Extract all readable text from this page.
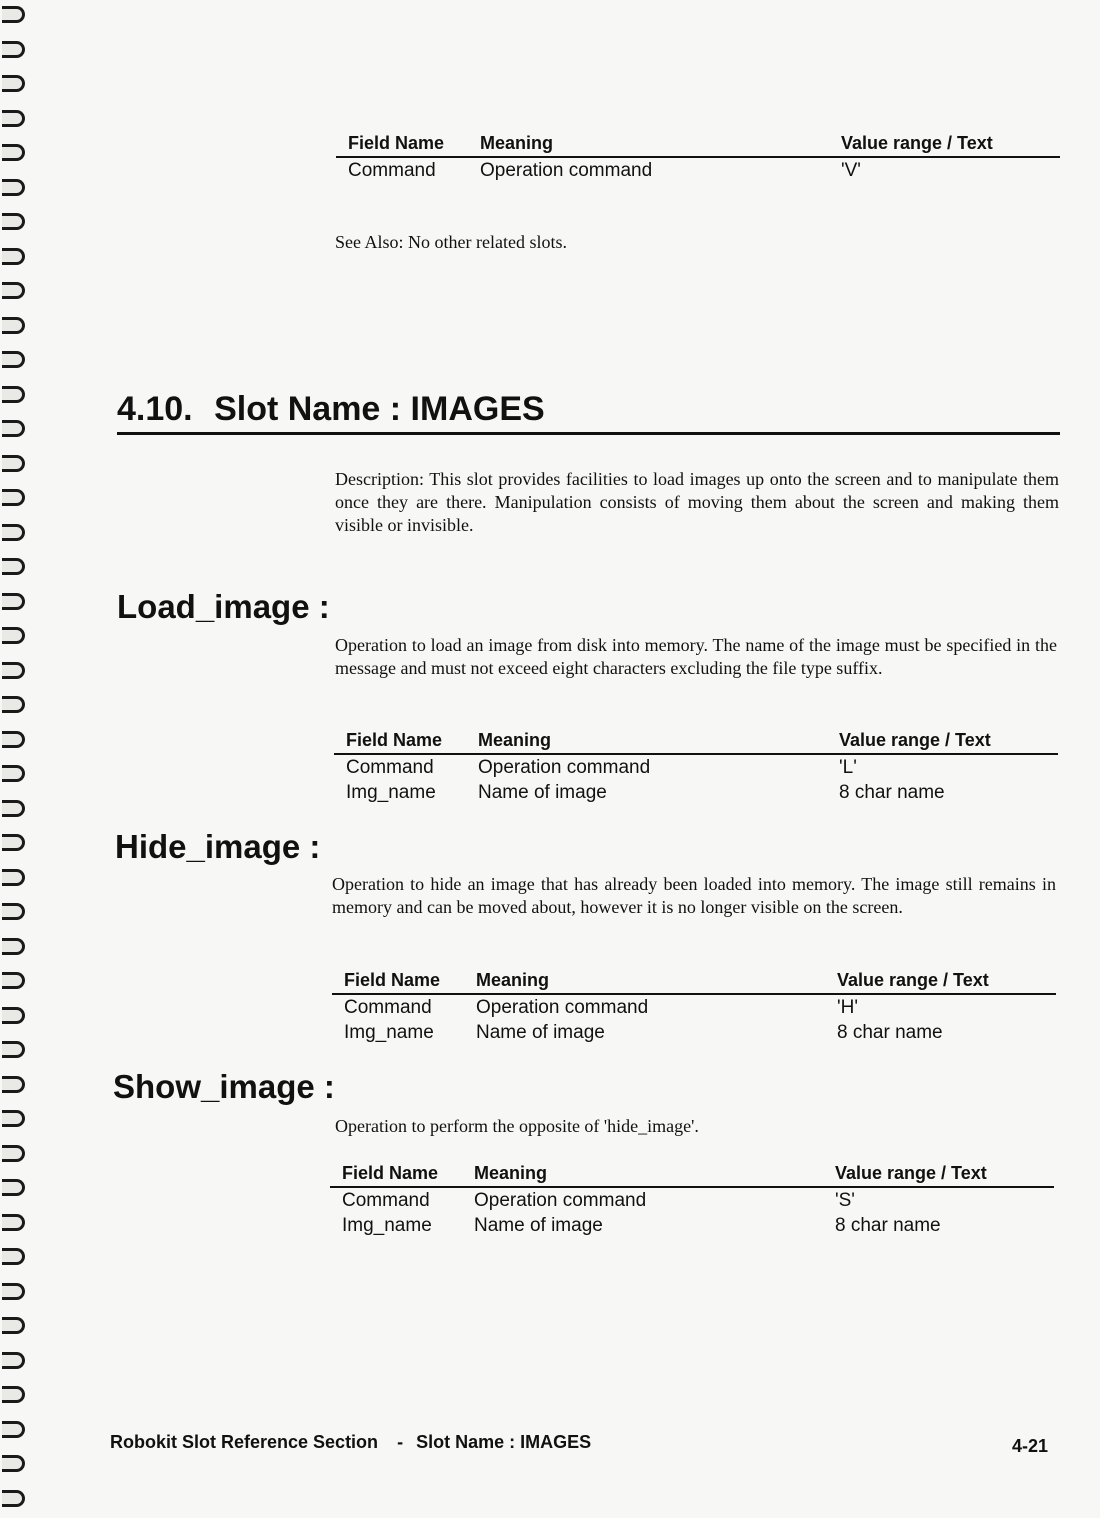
Field Name Meaning	Value range / Text
Command Operation command	'V'
See Also: No other related slots.
4.10. Slot Name : IMAGES
Description: This slot provides facilities to load images up onto the screen and to manipulate them once they are there. Manipulation consists of moving them about the screen and making them visible or invisible.
Load_image :
Operation to load an image from disk into memory. The name of the image must be specified in the message and must not exceed eight characters excluding the file type suffix.
Field Name Meaning	Value range / Text
Command Operation command	'L'
Img_name Name of image	8 char name
Hide_image :
Operation to hide an image that has already been loaded into memory. The image still remains in memory and can be moved about, however it is no longer visible on the screen.
Field Name Meaning	Value range / Text
Command Operation command	'H'
Img_name Name of image	8 char name
Show_image :
Operation to perform the opposite of 'hide_image'.
Field Name Meaning	Value range / Text
Command Operation command	'S'
Img_name Name of image	8 char name
Robokit Slot Reference Section - Slot Name : IMAGES	4-21
